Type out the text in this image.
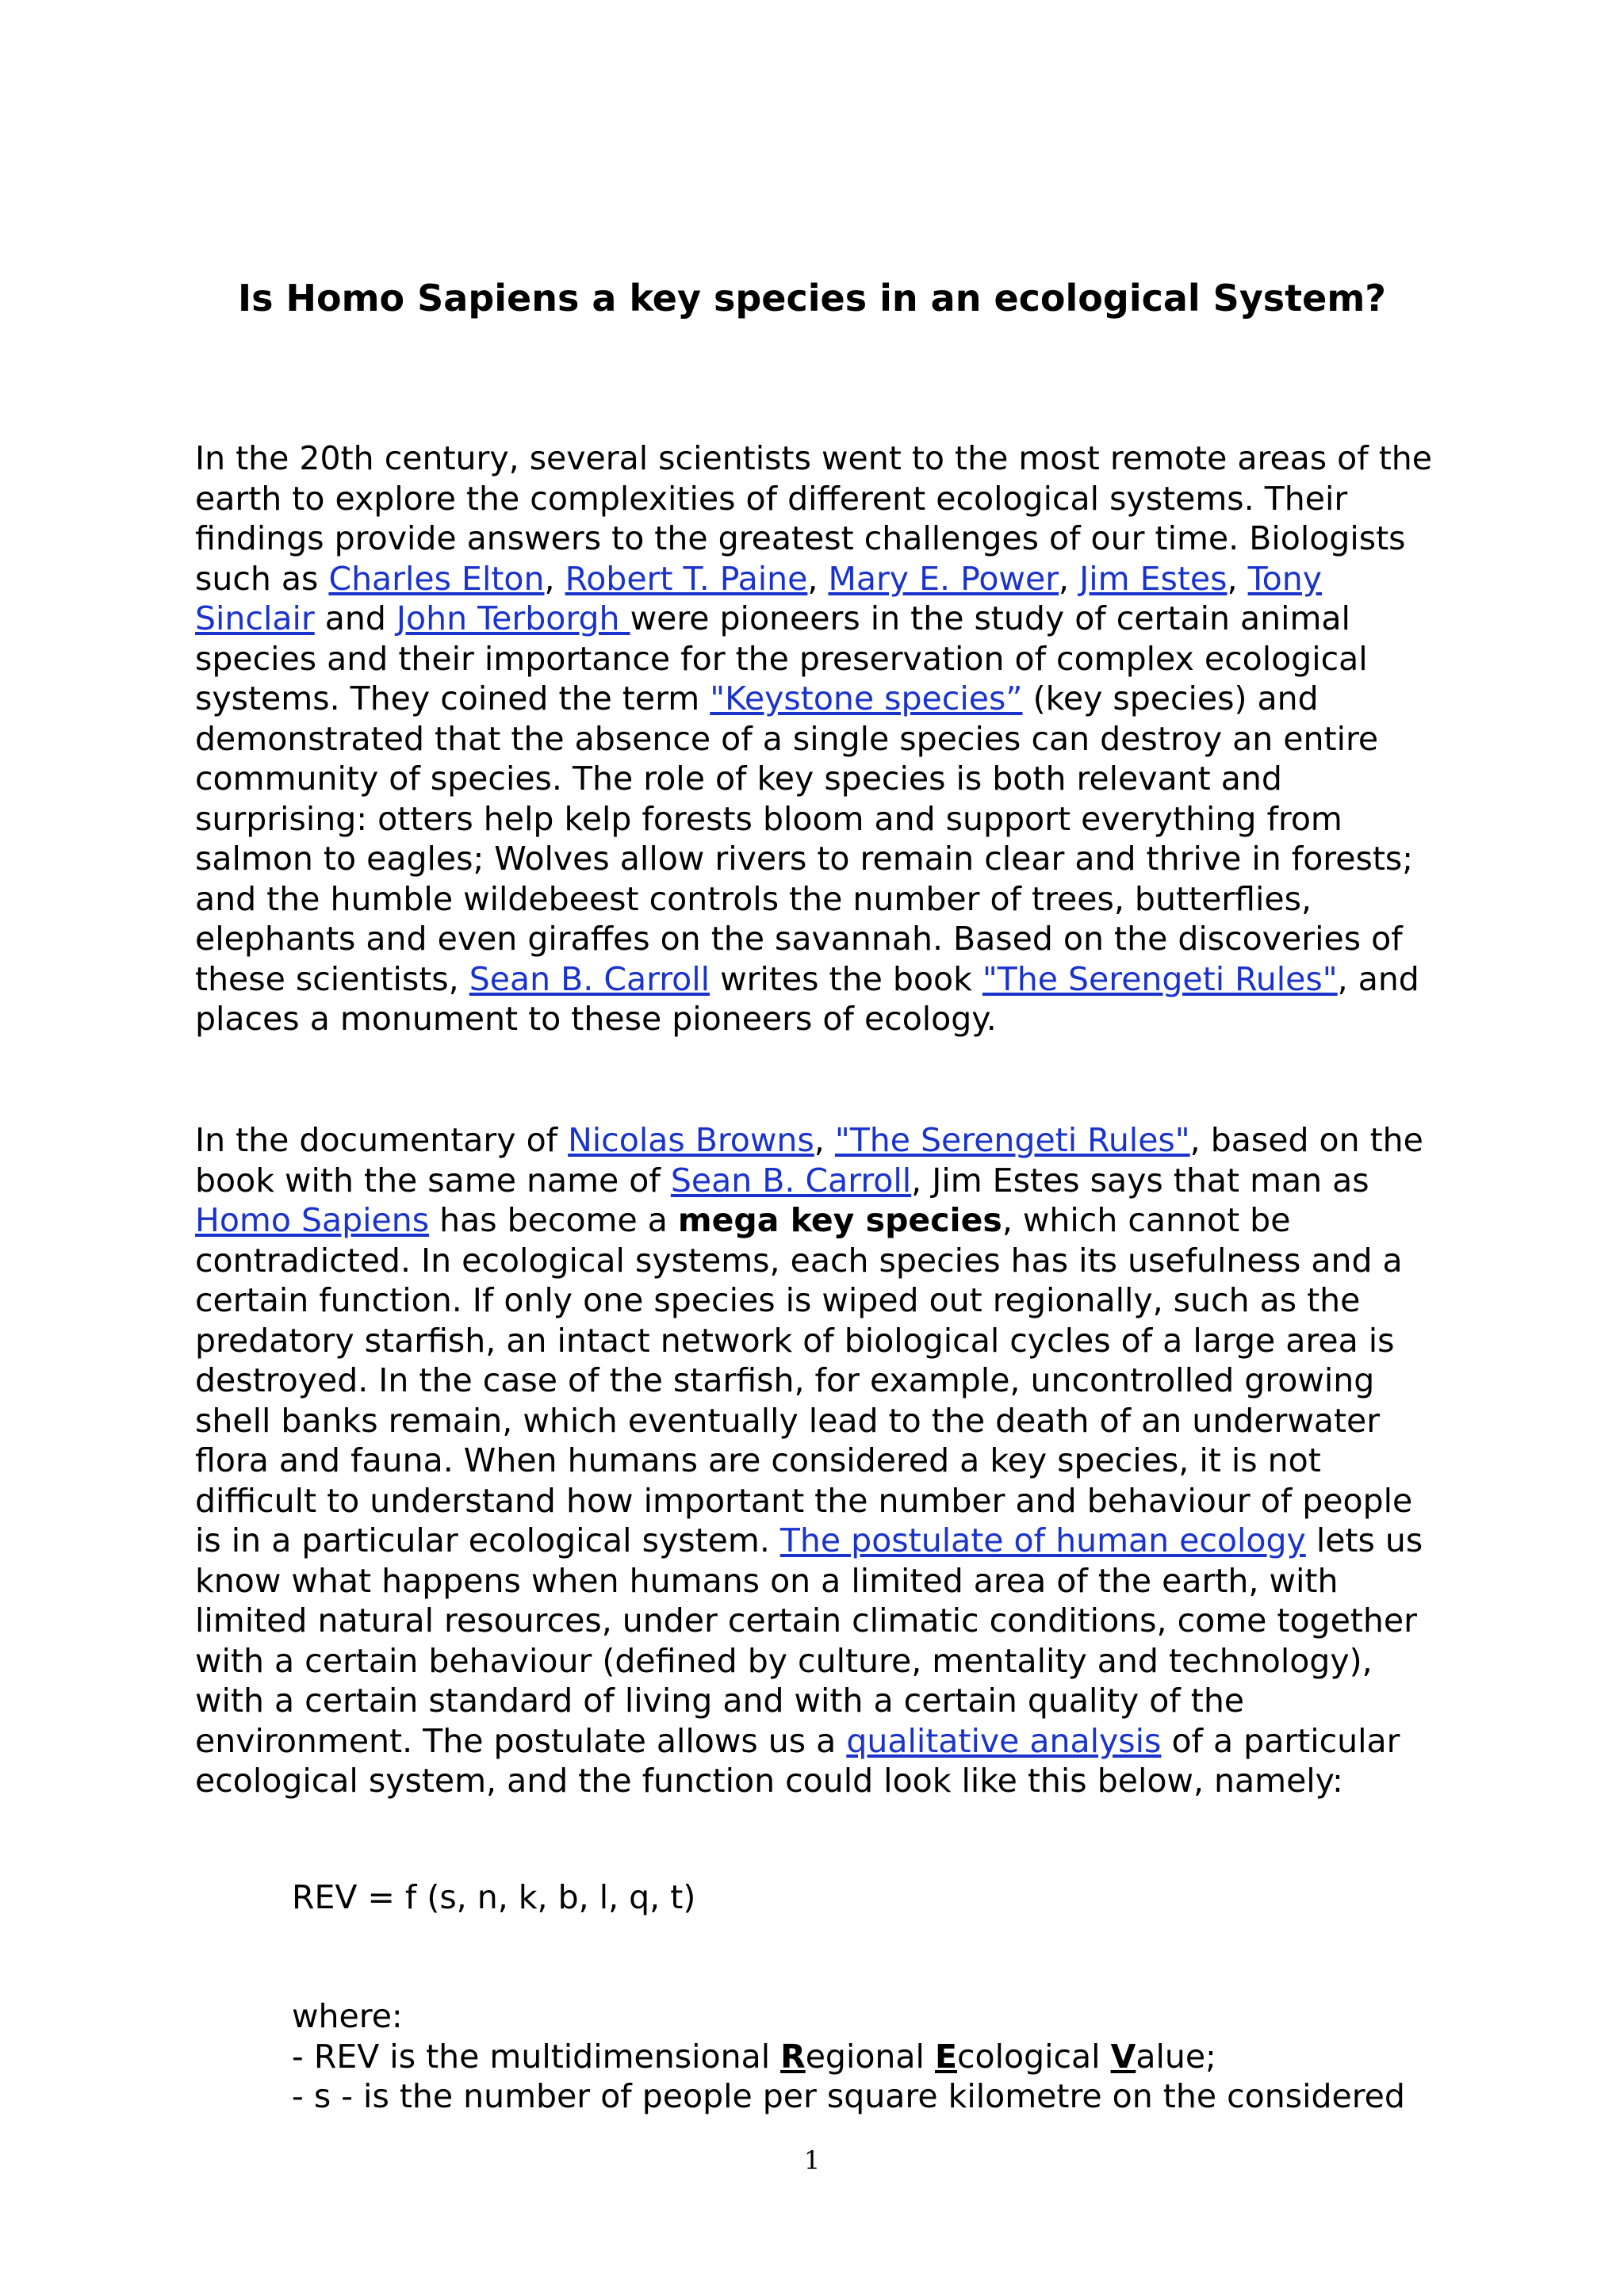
Is Homo Sapiens a key species in an ecological System?

In the 20th century, several scientists went to the most remote areas of the earth to explore the complexities of different ecological systems. Their findings provide answers to the greatest challenges of our time. Biologists such as Charles Elton, Robert T. Paine, Mary E. Power, Jim Estes, Tony Sinclair and John Terborgh were pioneers in the study of certain animal species and their importance for the preservation of complex ecological systems. They coined the term "Keystone species” (key species) and demonstrated that the absence of a single species can destroy an entire community of species. The role of key species is both relevant and surprising: otters help kelp forests bloom and support everything from salmon to eagles; Wolves allow rivers to remain clear and thrive in forests; and the humble wildebeest controls the number of trees, butterflies, elephants and even giraffes on the savannah. Based on the discoveries of these scientists, Sean B. Carroll writes the book "The Serengeti Rules", and places a monument to these pioneers of ecology.

In the documentary of Nicolas Browns, "The Serengeti Rules", based on the book with the same name of Sean B. Carroll, Jim Estes says that man as Homo Sapiens has become a mega key species, which cannot be contradicted. In ecological systems, each species has its usefulness and a certain function. If only one species is wiped out regionally, such as the predatory starfish, an intact network of biological cycles of a large area is destroyed. In the case of the starfish, for example, uncontrolled growing shell banks remain, which eventually lead to the death of an underwater flora and fauna. When humans are considered a key species, it is not difficult to understand how important the number and behaviour of people is in a particular ecological system. The postulate of human ecology lets us know what happens when humans on a limited area of the earth, with limited natural resources, under certain climatic conditions, come together with a certain behaviour (defined by culture, mentality and technology), with a certain standard of living and with a certain quality of the environment. The postulate allows us a qualitative analysis of a particular ecological system, and the function could look like this below, namely:

REV = f (s, n, k, b, l, q, t)

where:
- REV is the multidimensional Regional Ecological Value;
- s - is the number of people per square kilometre on the considered
1
